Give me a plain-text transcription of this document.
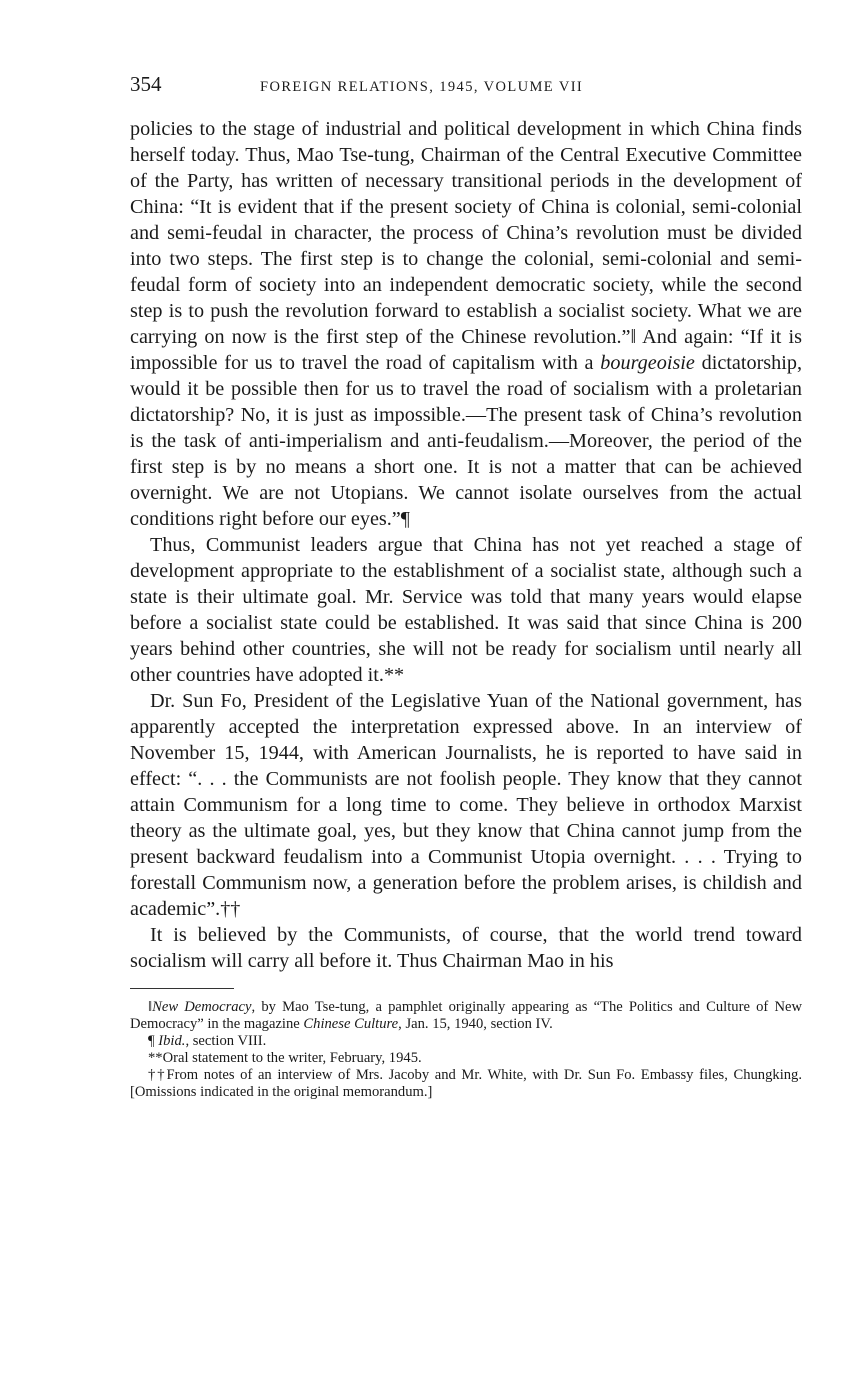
354	FOREIGN RELATIONS, 1945, VOLUME VII

policies to the stage of industrial and political development in which China finds herself today. Thus, Mao Tse-tung, Chairman of the Central Executive Committee of the Party, has written of necessary transitional periods in the development of China: “It is evident that if the present society of China is colonial, semi-colonial and semi-feudal in character, the process of China’s revolution must be divided into two steps. The first step is to change the colonial, semi-colonial and semi-feudal form of society into an independent democratic society, while the second step is to push the revolution forward to establish a socialist society. What we are carrying on now is the first step of the Chinese revolution.”‖ And again: “If it is impossible for us to travel the road of capitalism with a bourgeoisie dictatorship, would it be possible then for us to travel the road of socialism with a proletarian dictatorship? No, it is just as impossible.—The present task of China’s revolution is the task of anti-imperialism and anti-feudalism.—Moreover, the period of the first step is by no means a short one. It is not a matter that can be achieved overnight. We are not Utopians. We cannot isolate ourselves from the actual conditions right before our eyes.”¶

Thus, Communist leaders argue that China has not yet reached a stage of development appropriate to the establishment of a socialist state, although such a state is their ultimate goal. Mr. Service was told that many years would elapse before a socialist state could be established. It was said that since China is 200 years behind other countries, she will not be ready for socialism until nearly all other countries have adopted it.**

Dr. Sun Fo, President of the Legislative Yuan of the National government, has apparently accepted the interpretation expressed above. In an interview of November 15, 1944, with American Journalists, he is reported to have said in effect: “. . . the Communists are not foolish people. They know that they cannot attain Communism for a long time to come. They believe in orthodox Marxist theory as the ultimate goal, yes, but they know that China cannot jump from the present backward feudalism into a Communist Utopia overnight. . . . Trying to forestall Communism now, a generation before the problem arises, is childish and academic”.††

It is believed by the Communists, of course, that the world trend toward socialism will carry all before it. Thus Chairman Mao in his

‖New Democracy, by Mao Tse-tung, a pamphlet originally appearing as “The Politics and Culture of New Democracy” in the magazine Chinese Culture, Jan. 15, 1940, section IV.

¶ Ibid., section VIII.

**Oral statement to the writer, February, 1945.

††From notes of an interview of Mrs. Jacoby and Mr. White, with Dr. Sun Fo. Embassy files, Chungking. [Omissions indicated in the original memorandum.]
